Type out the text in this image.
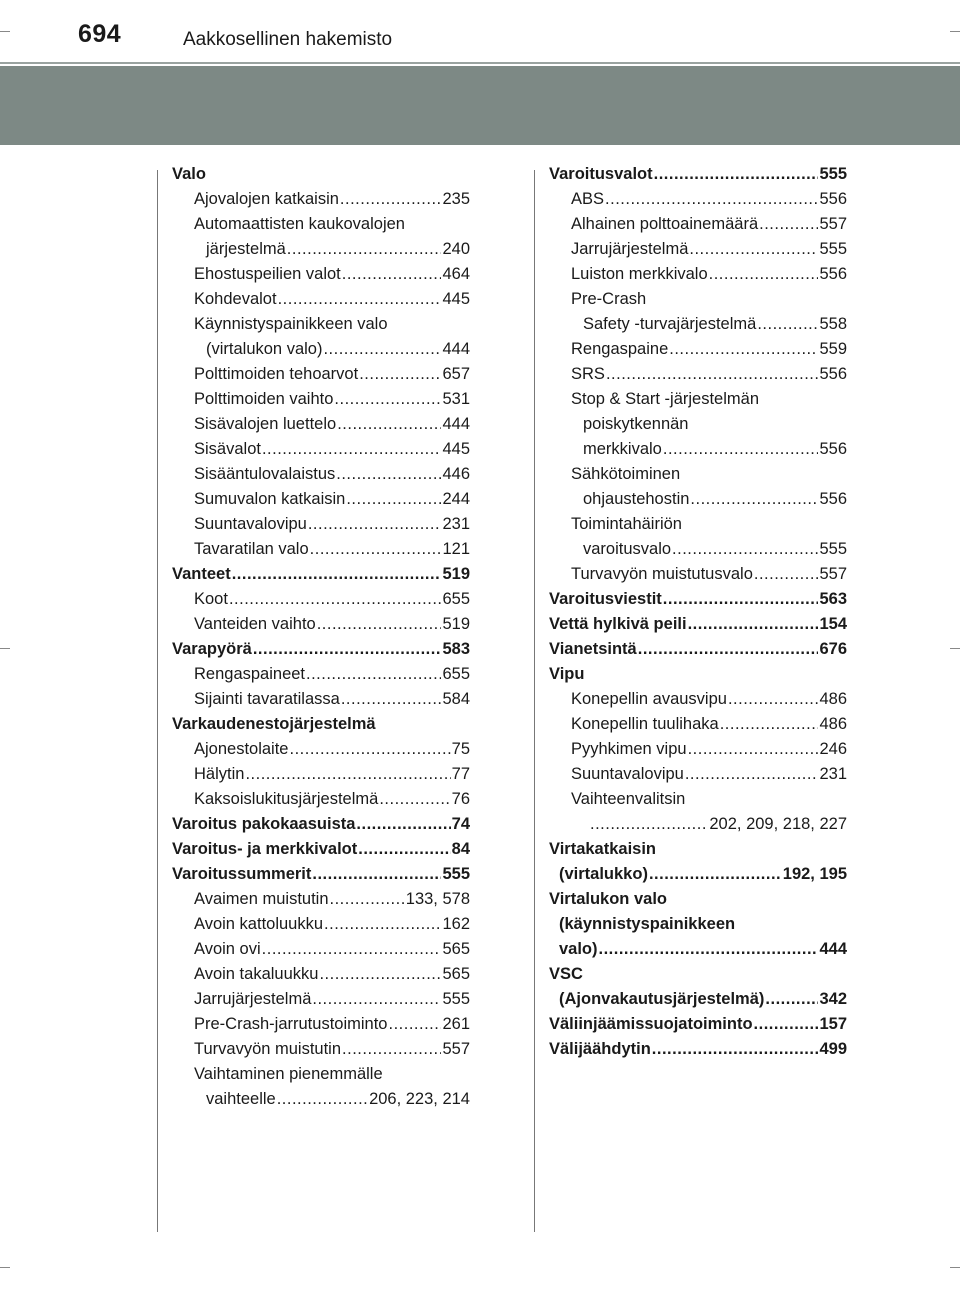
694	Aakkosellinen hakemisto
Valo
Ajovalojen katkaisin .....	235
Automaattisten kaukovalojen
järjestelmä .....	240
Ehostuspeilien valot .....	464
Kohdevalot .....	445
Käynnistyspainikkeen valo
(virtalukon valo) .....	444
Polttimoiden tehoarvot .....	657
Polttimoiden vaihto .....	531
Sisävalojen luettelo .....	444
Sisävalot .....	445
Sisääntulovalaistus .....	446
Sumuvalon katkaisin .....	244
Suuntavalovipu .....	231
Tavaratilan valo .....	121
Vanteet .....	519
Koot .....	655
Vanteiden vaihto .....	519
Varapyörä .....	583
Rengaspaineet .....	655
Sijainti tavaratilassa .....	584
Varkaudenestojärjestelmä
Ajonestolaite .....	75
Hälytin .....	77
Kaksoislukitusjärjestelmä .....	76
Varoitus pakokaasuista .....	74
Varoitus- ja merkkivalot .....	84
Varoitussummerit .....	555
Avaimen muistutin .....	133, 578
Avoin kattoluukku .....	162
Avoin ovi .....	565
Avoin takaluukku .....	565
Jarrujärjestelmä .....	555
Pre-Crash-jarrutustoiminto .....	261
Turvavyön muistutin .....	557
Vaihtaminen pienemmälle
vaihteelle .....	206, 223, 214
Varoitusvalot .....	555
ABS .....	556
Alhainen polttoainemäärä .....	557
Jarrujärjestelmä .....	555
Luiston merkkivalo .....	556
Pre-Crash
Safety -turvajärjestelmä .....	558
Rengaspaine .....	559
SRS .....	556
Stop & Start -järjestelmän
poiskytkennän
merkkivalo .....	556
Sähkötoiminen
ohjaustehostin .....	556
Toimintahäiriön
varoitusvalo .....	555
Turvavyön muistutusvalo .....	557
Varoitusviestit .....	563
Vettä hylkivä peili .....	154
Vianetsintä .....	676
Vipu
Konepellin avausvipu .....	486
Konepellin tuulihaka .....	486
Pyyhkimen vipu .....	246
Suuntavalovipu .....	231
Vaihteenvalitsin
.....
202, 209, 218, 227
Virtakatkaisin
(virtalukko) .....	192, 195
Virtalukon valo
(käynnistyspainikkeen
valo) .....	444
VSC
(Ajonvakautusjärjestelmä) .....	342
Väliinjäämissuojatoiminto .....	157
Välijäähdytin .....	499
